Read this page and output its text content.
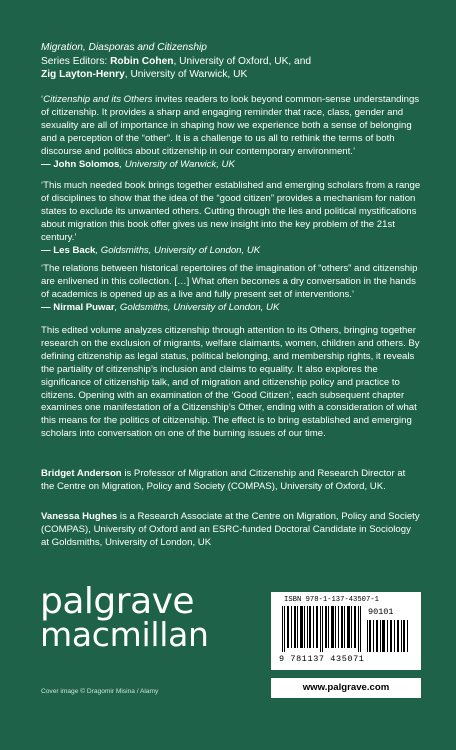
Migration, Diasporas and Citizenship
Series Editors: Robin Cohen, University of Oxford, UK, and
Zig Layton-Henry, University of Warwick, UK

‘Citizenship and its Others invites readers to look beyond common-sense understandings of citizenship. It provides a sharp and engaging reminder that race, class, gender and sexuality are all of importance in shaping how we experience both a sense of belonging and a perception of the “other”. It is a challenge to us all to rethink the terms of both discourse and politics about citizenship in our contemporary environment.’

— John Solomos, University of Warwick, UK

‘This much needed book brings together established and emerging scholars from a range of disciplines to show that the idea of the “good citizen” provides a mechanism for nation states to exclude its unwanted others. Cutting through the lies and political mystifications about migration this book offer gives us new insight into the key problem of the 21st century.’

— Les Back, Goldsmiths, University of London, UK

‘The relations between historical repertoires of the imagination of “others” and citizenship are enlivened in this collection. […] What often becomes a dry conversation in the hands of academics is opened up as a live and fully present set of interventions.’

— Nirmal Puwar, Goldsmiths, University of London, UK

This edited volume analyzes citizenship through attention to its Others, bringing together research on the exclusion of migrants, welfare claimants, women, children and others. By defining citizenship as legal status, political belonging, and membership rights, it reveals the partiality of citizenship’s inclusion and claims to equality. It also explores the significance of citizenship talk, and of migration and citizenship policy and practice to citizens. Opening with an examination of the ‘Good Citizen’, each subsequent chapter examines one manifestation of a Citizenship’s Other, ending with a consideration of what this means for the politics of citizenship. The effect is to bring established and emerging scholars into conversation on one of the burning issues of our time.

Bridget Anderson is Professor of Migration and Citizenship and Research Director at the Centre on Migration, Policy and Society (COMPAS), University of Oxford, UK.

Vanessa Hughes is a Research Associate at the Centre on Migration, Policy and Society (COMPAS), University of Oxford and an ESRC-funded Doctoral Candidate in Sociology at Goldsmiths, University of London, UK

palgrave
macmillan
Cover image © Dragomir Misina / Alamy
ISBN 978-1-137-43507-1
90101
9 781137 435071
www.palgrave.com
